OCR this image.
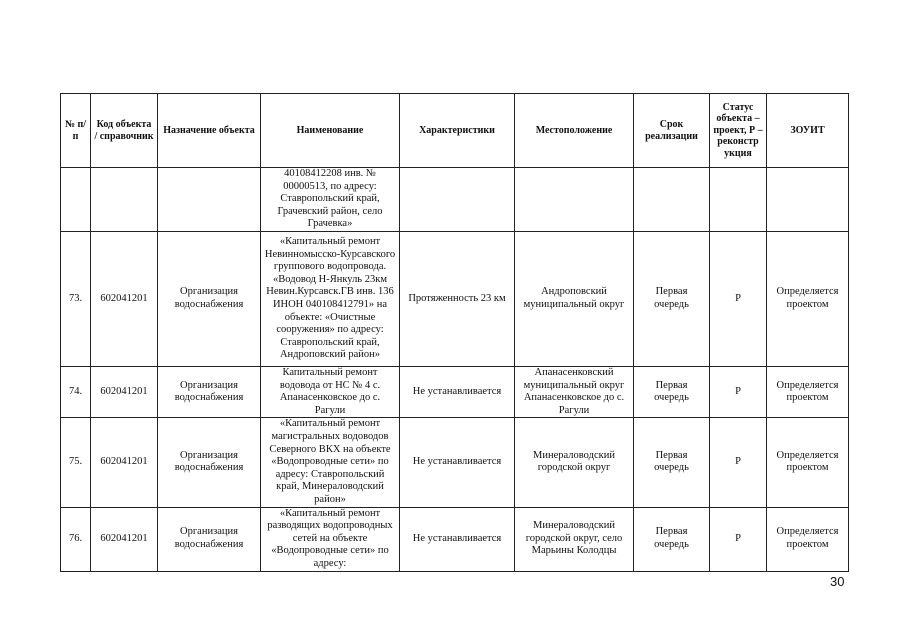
№ п/п	Код объекта / справочник	Назначение объекта	Наименование	Характеристики	Местоположение	Срок реализации	Статус объекта – проект, Р – реконстр укция	ЗОУИТ
			40108412208 инв. № 00000513, по адресу: Ставропольский край, Грачевский район, село Грачевка»					
73.	602041201	Организация водоснабжения	«Капитальный ремонт Невинномысско-Курсавского группового водопровода. «Водовод Н-Янкуль 23км Невин.Курсавск.ГВ инв. 136 ИНОН 040108412791» на объекте: «Очистные сооружения» по адресу: Ставропольский край, Андроповский район»	Протяженность 23 км	Андроповский муниципальный округ	Первая очередь	Р	Определяется проектом
74.	602041201	Организация водоснабжения	Капитальный ремонт водовода от НС № 4 с. Апанасенковское до с. Рагули	Не устанавливается	Апанасенковский муниципальный округ Апанасенковское до с. Рагули	Первая очередь	Р	Определяется проектом
75.	602041201	Организация водоснабжения	«Капитальный ремонт магистральных водоводов Северного ВКХ на объекте «Водопроводные сети» по адресу: Ставропольский край, Минераловодский район»	Не устанавливается	Минераловодский городской округ	Первая очередь	Р	Определяется проектом
76.	602041201	Организация водоснабжения	«Капитальный ремонт разводящих водопроводных сетей на объекте «Водопроводные сети» по адресу:	Не устанавливается	Минераловодский городской округ, село Марьины Колодцы	Первая очередь	Р	Определяется проектом
30
